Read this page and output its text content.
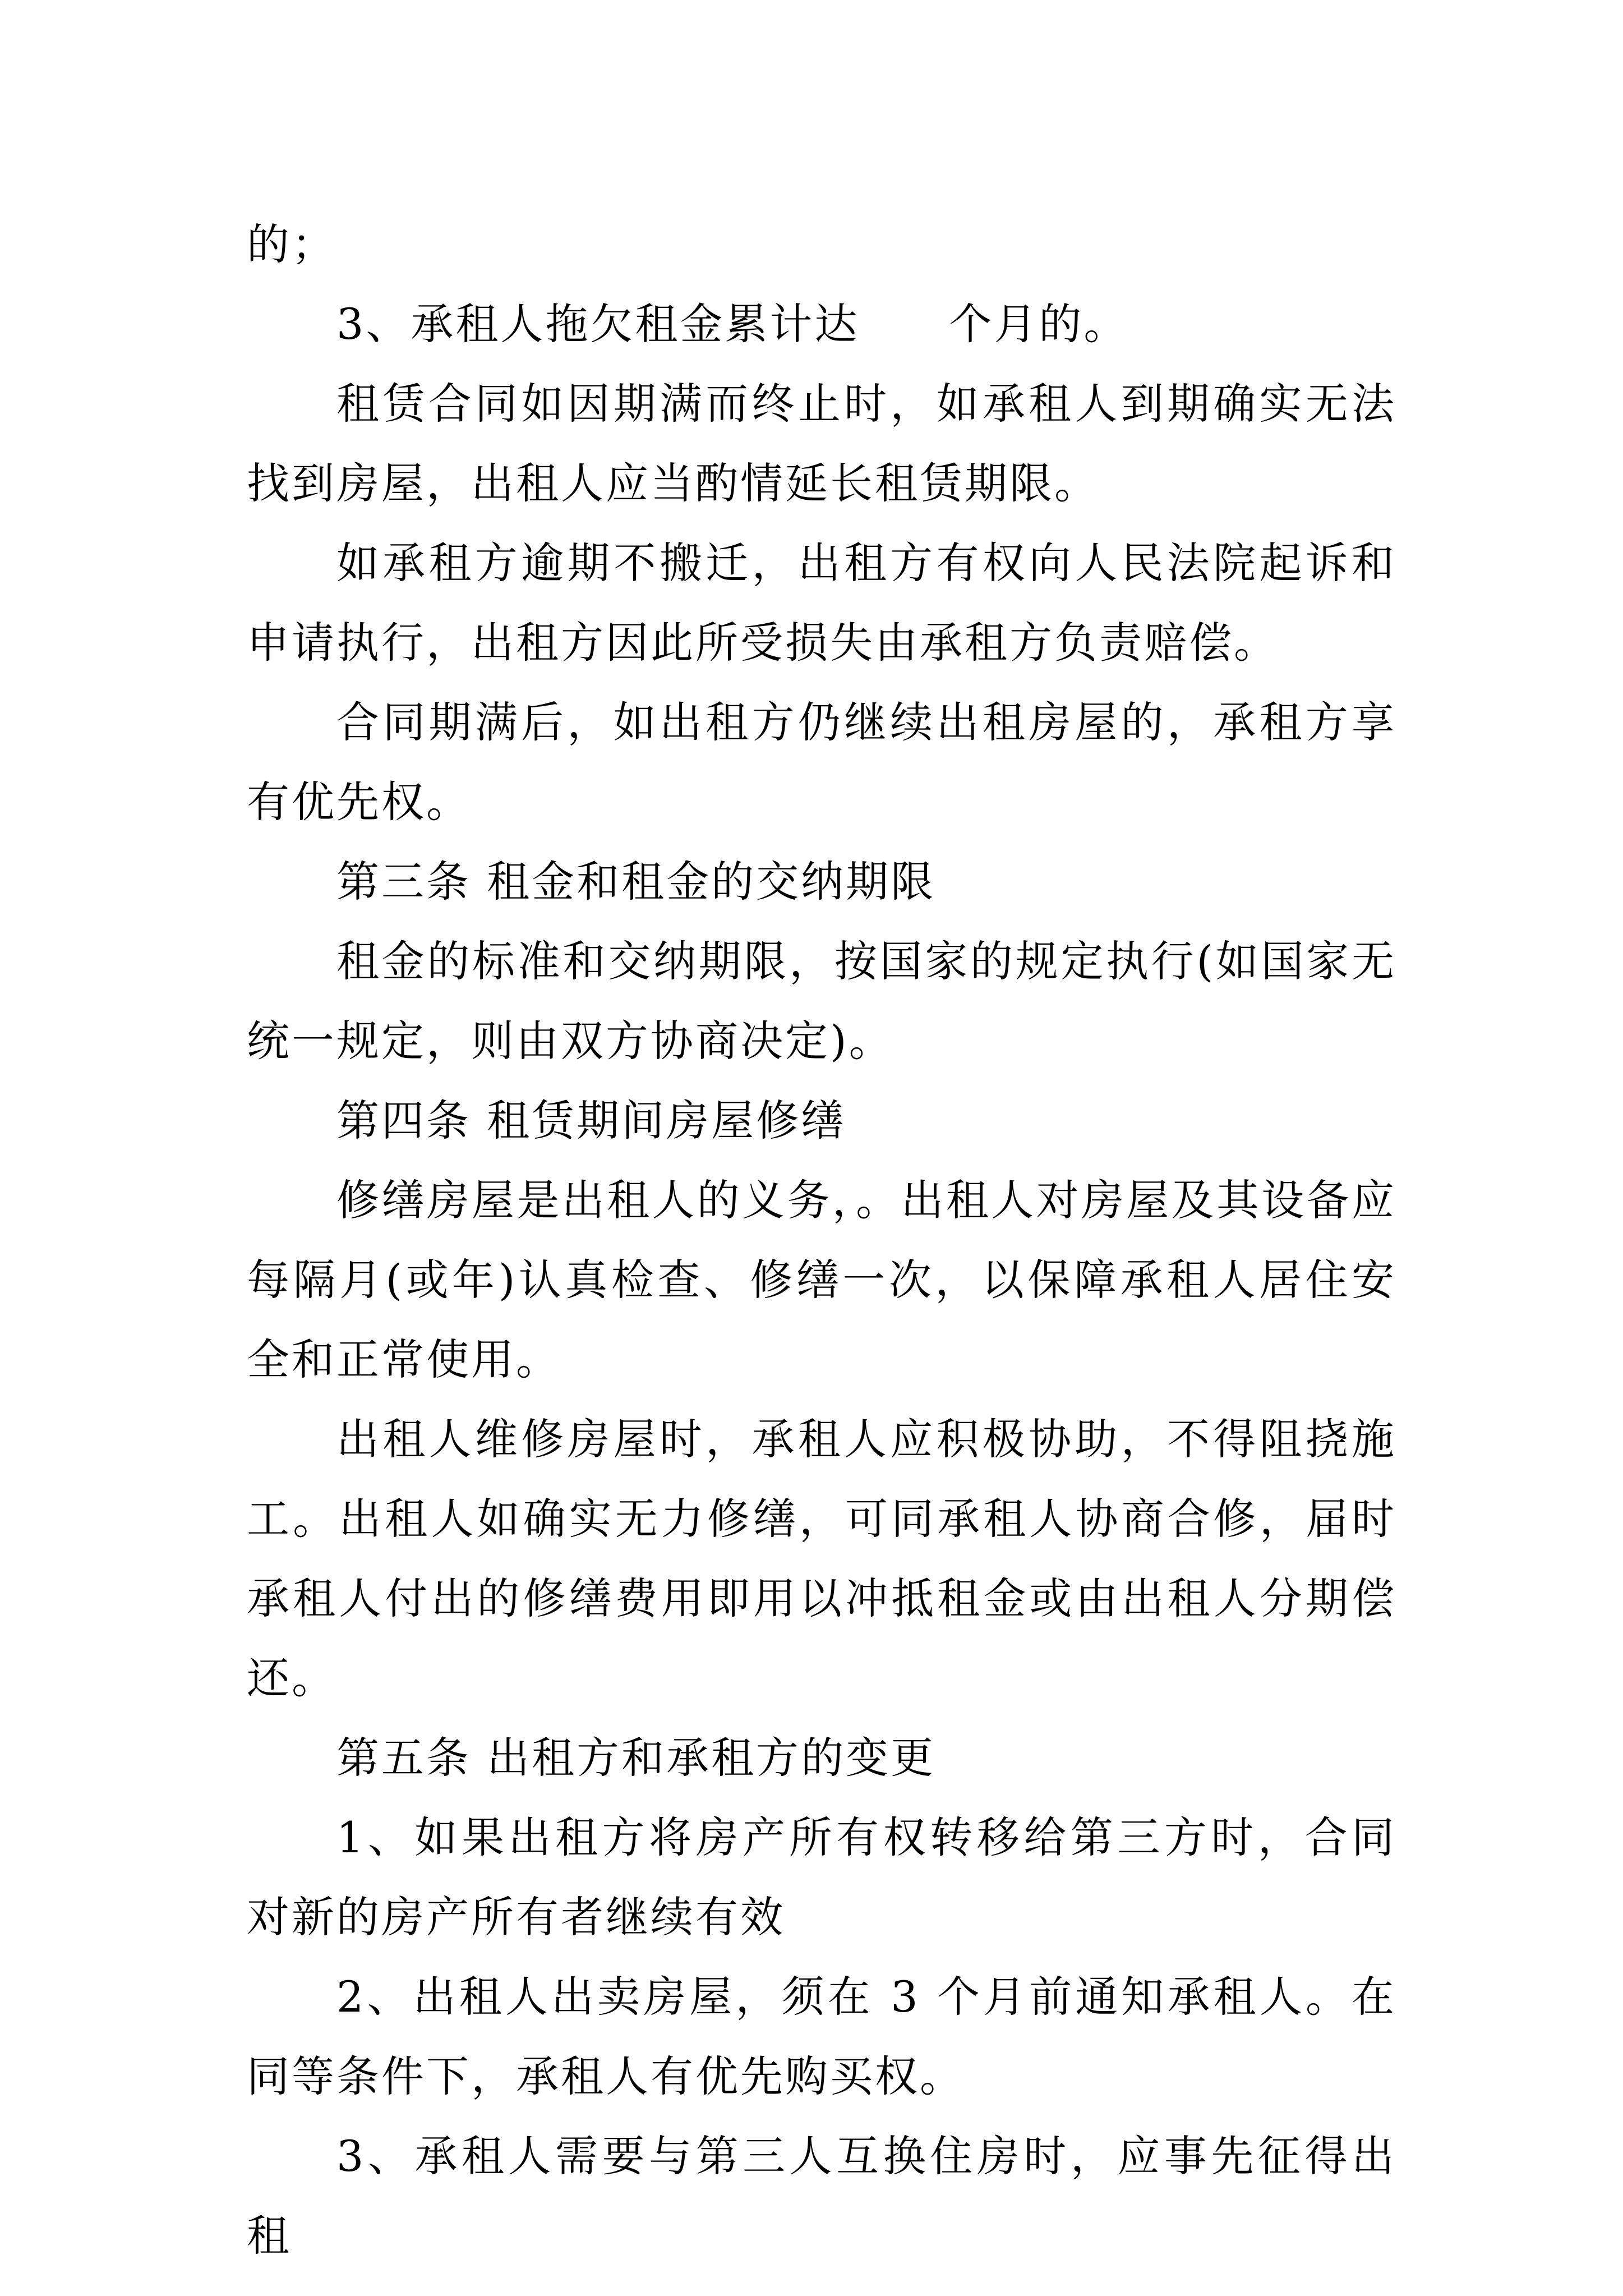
的；

3、承租人拖欠租金累计达　　个月的。

租赁合同如因期满而终止时，如承租人到期确实无法找到房屋，出租人应当酌情延长租赁期限。

如承租方逾期不搬迁，出租方有权向人民法院起诉和申请执行，出租方因此所受损失由承租方负责赔偿。

合同期满后，如出租方仍继续出租房屋的，承租方享有优先权。

第三条 租金和租金的交纳期限

租金的标准和交纳期限，按国家的规定执行(如国家无统一规定，则由双方协商决定)。

第四条 租赁期间房屋修缮

修缮房屋是出租人的义务，。出租人对房屋及其设备应每隔月(或年)认真检查、修缮一次，以保障承租人居住安全和正常使用。

出租人维修房屋时，承租人应积极协助，不得阻挠施工。出租人如确实无力修缮，可同承租人协商合修，届时承租人付出的修缮费用即用以冲抵租金或由出租人分期偿还。

第五条 出租方和承租方的变更

1、如果出租方将房产所有权转移给第三方时，合同对新的房产所有者继续有效

2、出租人出卖房屋，须在 3 个月前通知承租人。在同等条件下，承租人有优先购买权。

3、承租人需要与第三人互换住房时，应事先征得出租
